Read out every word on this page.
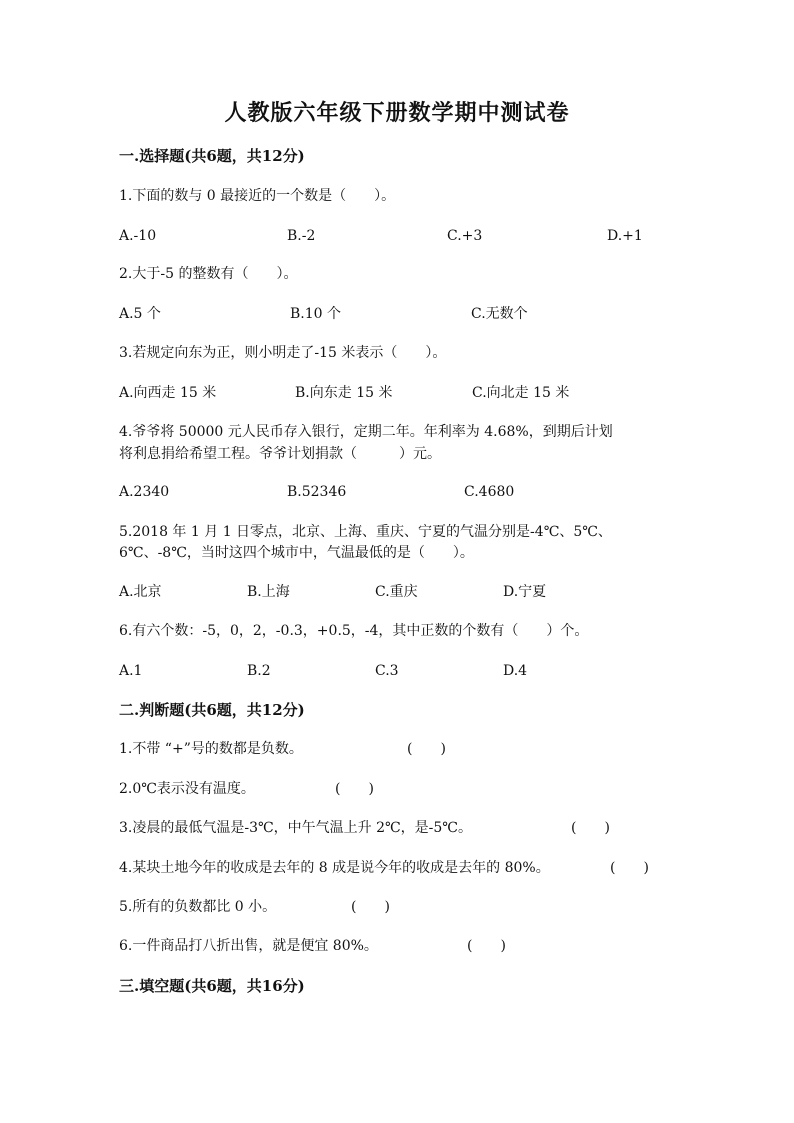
人教版六年级下册数学期中测试卷
一.选择题(共6题，共12分)
1.下面的数与 0 最接近的一个数是（　　）。
A.-10	B.-2	C.+3	D.+1
2.大于-5 的整数有（　　）。
A.5 个	B.10 个	C.无数个
3.若规定向东为正，则小明走了-15 米表示（　　）。
A.向西走 15 米	B.向东走 15 米	C.向北走 15 米
4.爷爷将 50000 元人民币存入银行，定期二年。年利率为 4.68%，到期后计划
将利息捐给希望工程。爷爷计划捐款（　　　）元。
A.2340	B.52346	C.4680
5.2018 年 1 月 1 日零点，北京、上海、重庆、宁夏的气温分别是-4℃、5℃、
6℃、-8℃，当时这四个城市中，气温最低的是（　　）。
A.北京	B.上海	C.重庆	D.宁夏
6.有六个数：-5，0，2，-0.3，+0.5，-4，其中正数的个数有（　　）个。
A.1	B.2	C.3	D.4
二.判断题(共6题，共12分)
1.不带 “+”号的数都是负数。	(　　)
2.0℃表示没有温度。	(　　)
3.凌晨的最低气温是-3℃，中午气温上升 2℃，是-5℃。	(　　)
4.某块土地今年的收成是去年的 8 成是说今年的收成是去年的 80%。	(　　)
5.所有的负数都比 0 小。	(　　)
6.一件商品打八折出售，就是便宜 80%。	(　　)
三.填空题(共6题，共16分)
